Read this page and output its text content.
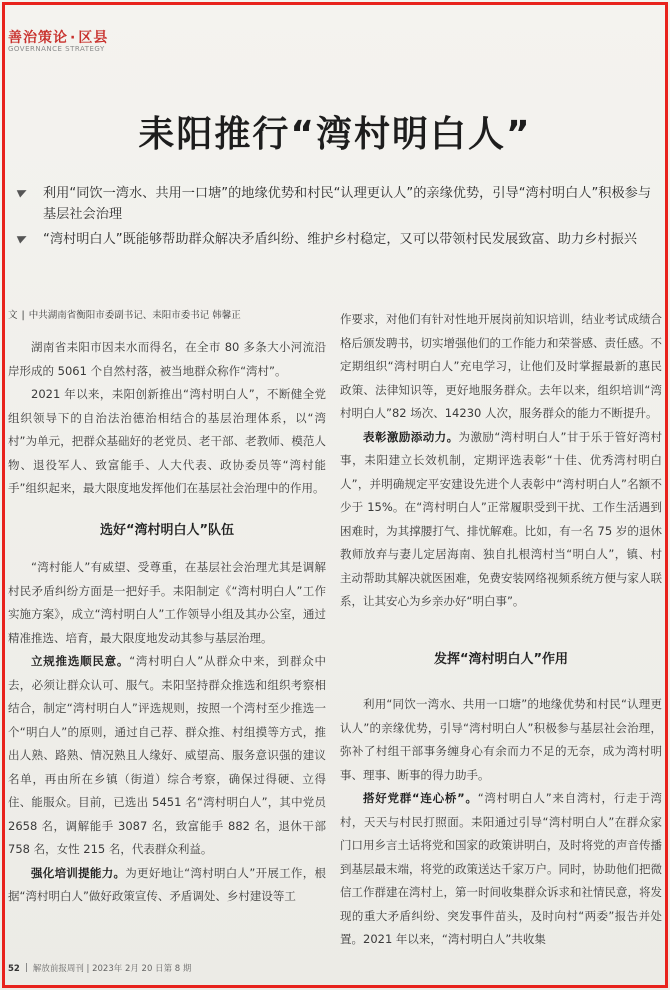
善治策论 · 区县
GOVERNANCE STRATEGY
耒阳推行“湾村明白人”
利用“同饮一湾水、共用一口塘”的地缘优势和村民“认理更认人”的亲缘优势，引导“湾村明白人”积极参与基层社会治理
“湾村明白人”既能够帮助群众解决矛盾纠纷、维护乡村稳定，又可以带领村民发展致富、助力乡村振兴

文 | 中共湖南省衡阳市委副书记、耒阳市委书记 韩馨正

湖南省耒阳市因耒水而得名，在全市 80 多条大小河流沿岸形成的 5061 个自然村落，被当地群众称作“湾村”。

2021 年以来，耒阳创新推出“湾村明白人”，不断健全党组织领导下的自治法治德治相结合的基层治理体系，以“湾村”为单元，把群众基础好的老党员、老干部、老教师、模范人物、退役军人、致富能手、人大代表、政协委员等“湾村能手”组织起来，最大限度地发挥他们在基层社会治理中的作用。

选好“湾村明白人”队伍

“湾村能人”有威望、受尊重，在基层社会治理尤其是调解村民矛盾纠纷方面是一把好手。耒阳制定《“湾村明白人”工作实施方案》，成立“湾村明白人”工作领导小组及其办公室，通过精准推选、培育，最大限度地发动其参与基层治理。

立规推选顺民意。“湾村明白人”从群众中来，到群众中去，必须让群众认可、服气。耒阳坚持群众推选和组织考察相结合，制定“湾村明白人”评选规则，按照一个湾村至少推选一个“明白人”的原则，通过自己荐、群众推、村组摸等方式，推出人熟、路熟、情况熟且人缘好、威望高、服务意识强的建议名单，再由所在乡镇（街道）综合考察，确保过得硬、立得住、能服众。目前，已选出 5451 名“湾村明白人”，其中党员 2658 名，调解能手 3087 名，致富能手 882 名，退休干部 758 名，女性 215 名，代表群众利益。

强化培训提能力。为更好地让“湾村明白人”开展工作，根据“湾村明白人”做好政策宣传、矛盾调处、乡村建设等工

作要求，对他们有针对性地开展岗前知识培训，结业考试成绩合格后颁发聘书，切实增强他们的工作能力和荣誉感、责任感。不定期组织“湾村明白人”充电学习，让他们及时掌握最新的惠民政策、法律知识等，更好地服务群众。去年以来，组织培训“湾村明白人”82 场次、14230 人次，服务群众的能力不断提升。

表彰激励添动力。为激励“湾村明白人”甘于乐于管好湾村事，耒阳建立长效机制，定期评选表彰“十佳、优秀湾村明白人”，并明确规定平安建设先进个人表彰中“湾村明白人”名额不少于 15%。在“湾村明白人”正常履职受到干扰、工作生活遇到困难时，为其撑腰打气、排忧解难。比如，有一名 75 岁的退休教师放弃与妻儿定居海南、独自扎根湾村当“明白人”，镇、村主动帮助其解决就医困难，免费安装网络视频系统方便与家人联系，让其安心为乡亲办好“明白事”。

发挥“湾村明白人”作用

利用“同饮一湾水、共用一口塘”的地缘优势和村民“认理更认人”的亲缘优势，引导“湾村明白人”积极参与基层社会治理，弥补了村组干部事务缠身心有余而力不足的无奈，成为湾村明事、理事、断事的得力助手。

搭好党群“连心桥”。“湾村明白人”来自湾村，行走于湾村，天天与村民打照面。耒阳通过引导“湾村明白人”在群众家门口用乡言土话将党和国家的政策讲明白，及时将党的声音传播到基层最末端，将党的政策送达千家万户。同时，协助他们把微信工作群建在湾村上，第一时间收集群众诉求和社情民意，将发现的重大矛盾纠纷、突发事件苗头，及时向村“两委”报告并处置。2021 年以来，“湾村明白人”共收集

52 解放前报周刊 | 2023年 2月 20 日第 8 期
